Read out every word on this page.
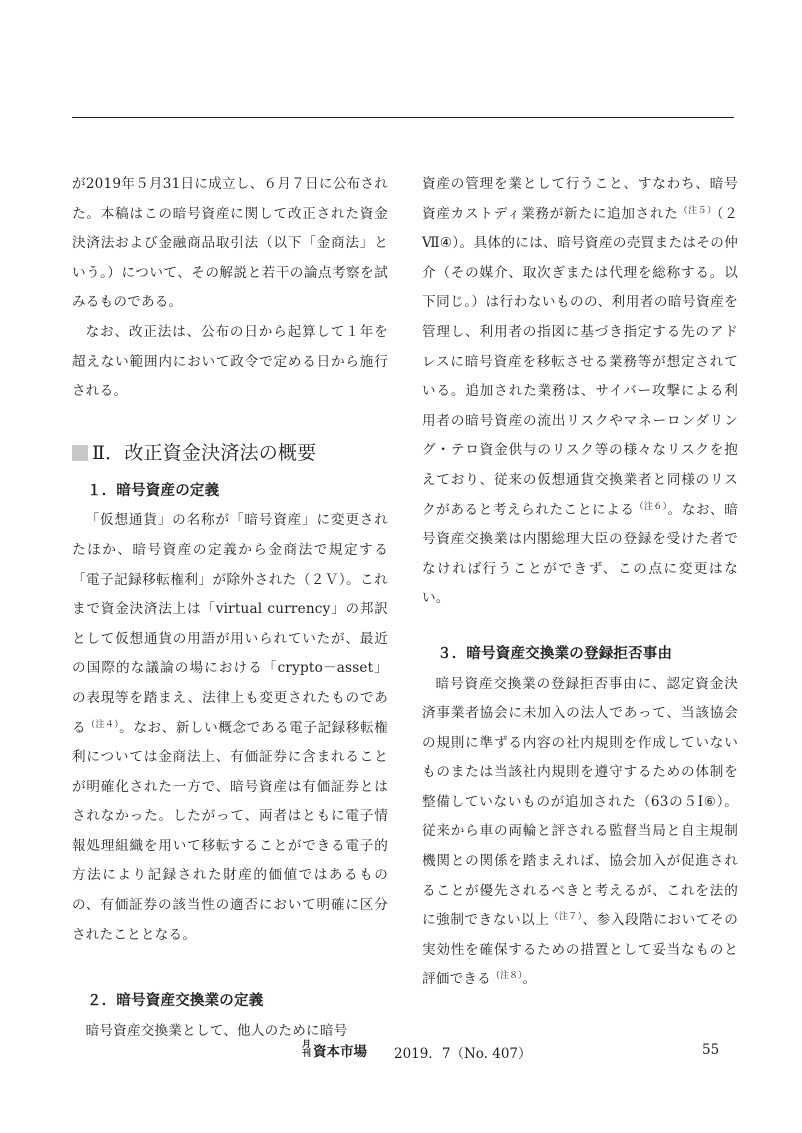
が2019年５月31日に成立し、６月７日に公布された。本稿はこの暗号資産に関して改正された資金決済法および金融商品取引法（以下「金商法」という。）について、その解説と若干の論点考察を試みるものである。

なお、改正法は、公布の日から起算して１年を超えない範囲内において政令で定める日から施行される。

Ⅱ．改正資金決済法の概要
１．暗号資産の定義

「仮想通貨」の名称が「暗号資産」に変更されたほか、暗号資産の定義から金商法で規定する「電子記録移転権利」が除外された（２Ｖ）。これまで資金決済法上は「virtual currency」の邦訳として仮想通貨の用語が用いられていたが、最近の国際的な議論の場における「crypto－asset」の表現等を踏まえ、法律上も変更されたものである$^{(注4)}$。なお、新しい概念である電子記録移転権利については金商法上、有価証券に含まれることが明確化された一方で、暗号資産は有価証券とはされなかった。したがって、両者はともに電子情報処理組織を用いて移転することができる電子的方法により記録された財産的価値ではあるものの、有価証券の該当性の適否において明確に区分されたこととなる。

２．暗号資産交換業の定義

暗号資産交換業として、他人のために暗号

資産の管理を業として行うこと、すなわち、暗号資産カストディ業務が新たに追加された$^{(注5)}$（２Ⅶ④）。具体的には、暗号資産の売買またはその仲介（その媒介、取次ぎまたは代理を総称する。以下同じ。）は行わないものの、利用者の暗号資産を管理し、利用者の指図に基づき指定する先のアドレスに暗号資産を移転させる業務等が想定されている。追加された業務は、サイバー攻撃による利用者の暗号資産の流出リスクやマネーロンダリング・テロ資金供与のリスク等の様々なリスクを抱えており、従来の仮想通貨交換業者と同様のリスクがあると考えられたことによる$^{(注6)}$。なお、暗号資産交換業は内閣総理大臣の登録を受けた者でなければ行うことができず、この点に変更はない。

３．暗号資産交換業の登録拒否事由

暗号資産交換業の登録拒否事由に、認定資金決済事業者協会に未加入の法人であって、当該協会の規則に準ずる内容の社内規則を作成していないものまたは当該社内規則を遵守するための体制を整備していないものが追加された（63の５Ⅰ⑥）。従来から車の両輪と評される監督当局と自主規制機関との関係を踏まえれば、協会加入が促進されることが優先されるべきと考えるが、これを法的に強制できない以上$^{(注7)}$、参入段階においてその実効性を確保するための措置として妥当なものと評価できる$^{(注8)}$。

月
刊 資本市場 2019．7（No. 407）	55
